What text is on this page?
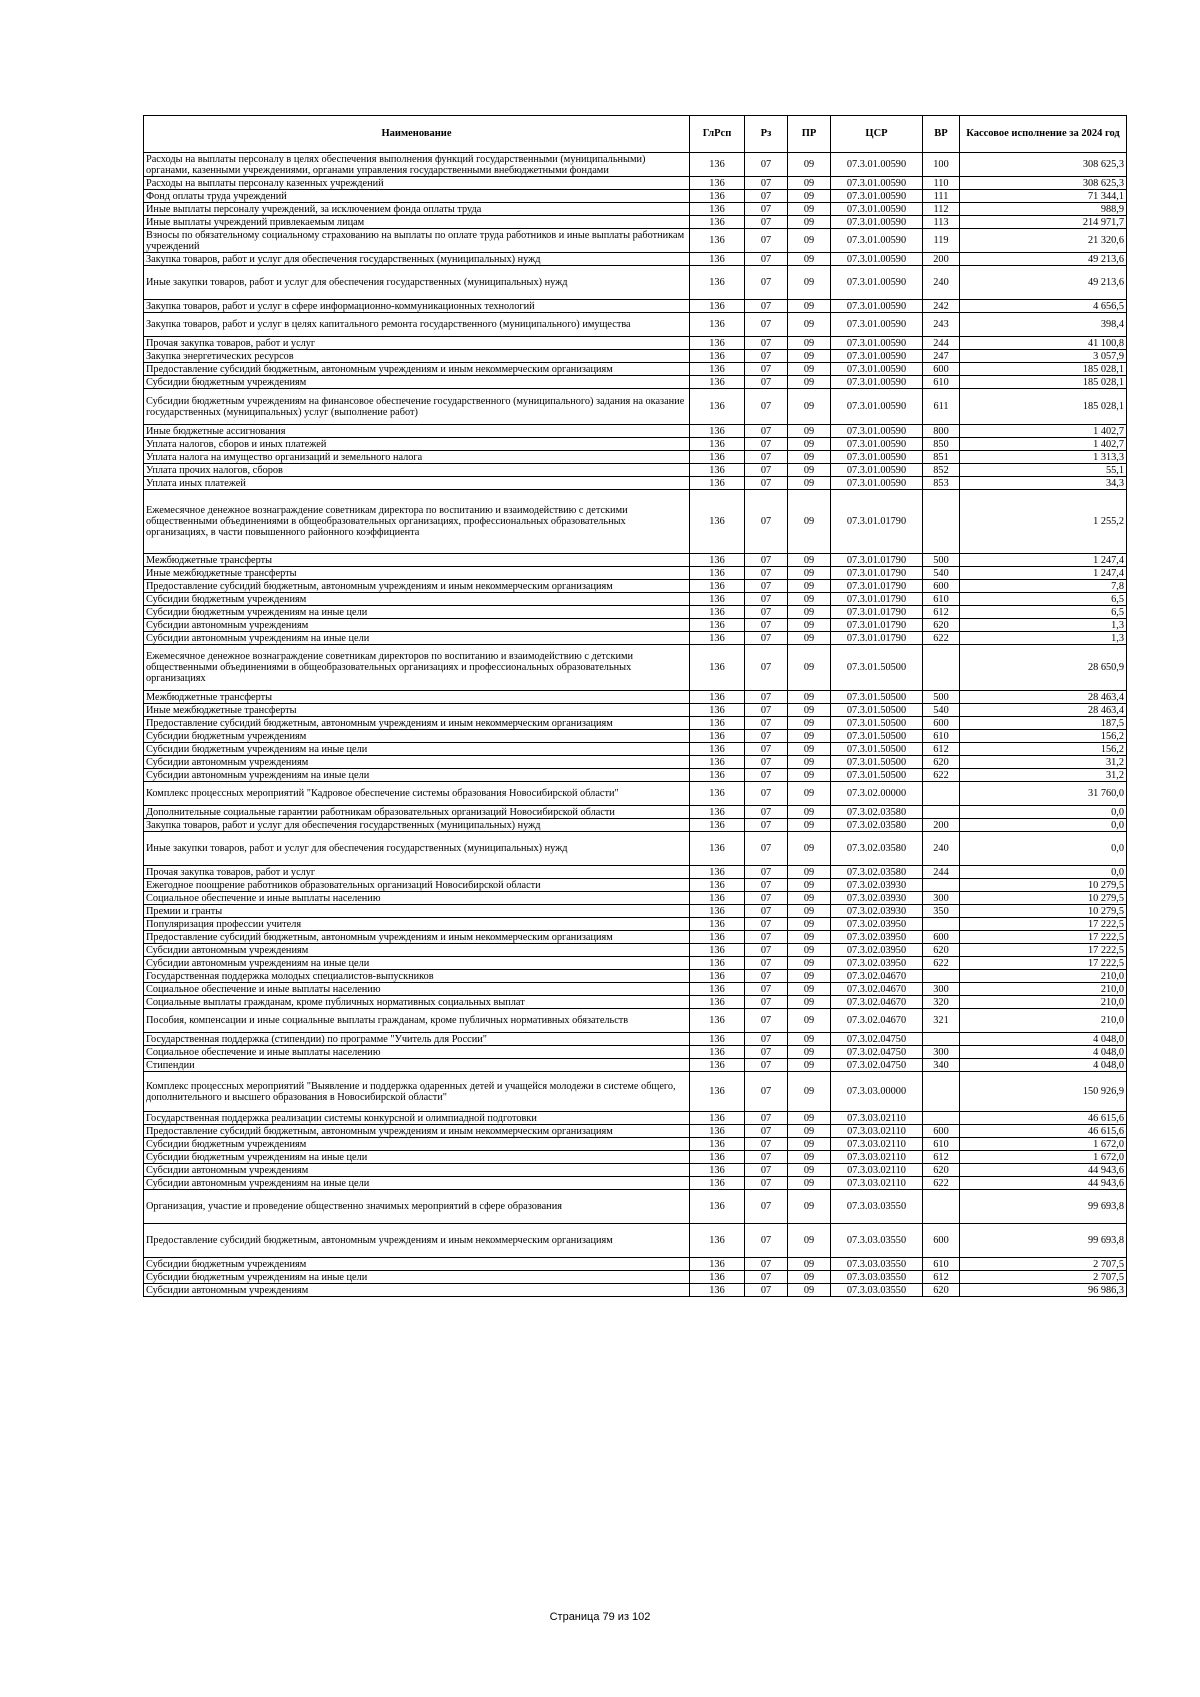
Наименование	ГлРсп	Рз	ПР	ЦСР	ВР	Кассовое исполнение за 2024 год
Расходы на выплаты персоналу в целях обеспечения выполнения функций государственными (муниципальными) органами, казенными учреждениями, органами управления государственными внебюджетными фондами	136	07	09	07.3.01.00590	100	308 625,3
Расходы на выплаты персоналу казенных учреждений	136	07	09	07.3.01.00590	110	308 625,3
Фонд оплаты труда учреждений	136	07	09	07.3.01.00590	111	71 344,1
Иные выплаты персоналу учреждений, за исключением фонда оплаты труда	136	07	09	07.3.01.00590	112	988,9
Иные выплаты учреждений привлекаемым лицам	136	07	09	07.3.01.00590	113	214 971,7
Взносы по обязательному социальному страхованию на выплаты по оплате труда работников и иные выплаты работникам учреждений	136	07	09	07.3.01.00590	119	21 320,6
Закупка товаров, работ и услуг для обеспечения государственных (муниципальных) нужд	136	07	09	07.3.01.00590	200	49 213,6
Иные закупки товаров, работ и услуг для обеспечения государственных (муниципальных) нужд	136	07	09	07.3.01.00590	240	49 213,6
Закупка товаров, работ и услуг в сфере информационно-коммуникационных технологий	136	07	09	07.3.01.00590	242	4 656,5
Закупка товаров, работ и услуг в целях капитального ремонта государственного (муниципального) имущества	136	07	09	07.3.01.00590	243	398,4
Прочая закупка товаров, работ и услуг	136	07	09	07.3.01.00590	244	41 100,8
Закупка энергетических ресурсов	136	07	09	07.3.01.00590	247	3 057,9
Предоставление субсидий бюджетным, автономным учреждениям и иным некоммерческим организациям	136	07	09	07.3.01.00590	600	185 028,1
Субсидии бюджетным учреждениям	136	07	09	07.3.01.00590	610	185 028,1
Субсидии бюджетным учреждениям на финансовое обеспечение государственного (муниципального) задания на оказание государственных (муниципальных) услуг (выполнение работ)	136	07	09	07.3.01.00590	611	185 028,1
Иные бюджетные ассигнования	136	07	09	07.3.01.00590	800	1 402,7
Уплата налогов, сборов и иных платежей	136	07	09	07.3.01.00590	850	1 402,7
Уплата налога на имущество организаций и земельного налога	136	07	09	07.3.01.00590	851	1 313,3
Уплата прочих налогов, сборов	136	07	09	07.3.01.00590	852	55,1
Уплата иных платежей	136	07	09	07.3.01.00590	853	34,3
Ежемесячное денежное вознаграждение советникам директора по воспитанию и взаимодействию с детскими общественными объединениями в общеобразовательных организациях, профессиональных образовательных организациях, в части повышенного районного коэффициента	136	07	09	07.3.01.01790		1 255,2
Межбюджетные трансферты	136	07	09	07.3.01.01790	500	1 247,4
Иные межбюджетные трансферты	136	07	09	07.3.01.01790	540	1 247,4
Предоставление субсидий бюджетным, автономным учреждениям и иным некоммерческим организациям	136	07	09	07.3.01.01790	600	7,8
Субсидии бюджетным учреждениям	136	07	09	07.3.01.01790	610	6,5
Субсидии бюджетным учреждениям на иные цели	136	07	09	07.3.01.01790	612	6,5
Субсидии автономным учреждениям	136	07	09	07.3.01.01790	620	1,3
Субсидии автономным учреждениям на иные цели	136	07	09	07.3.01.01790	622	1,3
Ежемесячное денежное вознаграждение советникам директоров по воспитанию и взаимодействию с детскими общественными объединениями в общеобразовательных организациях и профессиональных образовательных организациях	136	07	09	07.3.01.50500		28 650,9
Межбюджетные трансферты	136	07	09	07.3.01.50500	500	28 463,4
Иные межбюджетные трансферты	136	07	09	07.3.01.50500	540	28 463,4
Предоставление субсидий бюджетным, автономным учреждениям и иным некоммерческим организациям	136	07	09	07.3.01.50500	600	187,5
Субсидии бюджетным учреждениям	136	07	09	07.3.01.50500	610	156,2
Субсидии бюджетным учреждениям на иные цели	136	07	09	07.3.01.50500	612	156,2
Субсидии автономным учреждениям	136	07	09	07.3.01.50500	620	31,2
Субсидии автономным учреждениям на иные цели	136	07	09	07.3.01.50500	622	31,2
Комплекс процессных мероприятий "Кадровое обеспечение системы образования Новосибирской области"	136	07	09	07.3.02.00000		31 760,0
Дополнительные социальные гарантии работникам образовательных организаций Новосибирской области	136	07	09	07.3.02.03580		0,0
Закупка товаров, работ и услуг для обеспечения государственных (муниципальных) нужд	136	07	09	07.3.02.03580	200	0,0
Иные закупки товаров, работ и услуг для обеспечения государственных (муниципальных) нужд	136	07	09	07.3.02.03580	240	0,0
Прочая закупка товаров, работ и услуг	136	07	09	07.3.02.03580	244	0,0
Ежегодное поощрение работников образовательных организаций Новосибирской области	136	07	09	07.3.02.03930		10 279,5
Социальное обеспечение и иные выплаты населению	136	07	09	07.3.02.03930	300	10 279,5
Премии и гранты	136	07	09	07.3.02.03930	350	10 279,5
Популяризация профессии учителя	136	07	09	07.3.02.03950		17 222,5
Предоставление субсидий бюджетным, автономным учреждениям и иным некоммерческим организациям	136	07	09	07.3.02.03950	600	17 222,5
Субсидии автономным учреждениям	136	07	09	07.3.02.03950	620	17 222,5
Субсидии автономным учреждениям на иные цели	136	07	09	07.3.02.03950	622	17 222,5
Государственная поддержка молодых специалистов-выпускников	136	07	09	07.3.02.04670		210,0
Социальное обеспечение и иные выплаты населению	136	07	09	07.3.02.04670	300	210,0
Социальные выплаты гражданам, кроме публичных нормативных социальных выплат	136	07	09	07.3.02.04670	320	210,0
Пособия, компенсации и иные социальные выплаты гражданам, кроме публичных нормативных обязательств	136	07	09	07.3.02.04670	321	210,0
Государственная поддержка (стипендии) по программе "Учитель для России"	136	07	09	07.3.02.04750		4 048,0
Социальное обеспечение и иные выплаты населению	136	07	09	07.3.02.04750	300	4 048,0
Стипендии	136	07	09	07.3.02.04750	340	4 048,0
Комплекс процессных мероприятий "Выявление и поддержка одаренных детей и учащейся молодежи в системе общего, дополнительного и высшего образования в Новосибирской области"	136	07	09	07.3.03.00000		150 926,9
Государственная поддержка реализации системы конкурсной и олимпиадной подготовки	136	07	09	07.3.03.02110		46 615,6
Предоставление субсидий бюджетным, автономным учреждениям и иным некоммерческим организациям	136	07	09	07.3.03.02110	600	46 615,6
Субсидии бюджетным учреждениям	136	07	09	07.3.03.02110	610	1 672,0
Субсидии бюджетным учреждениям на иные цели	136	07	09	07.3.03.02110	612	1 672,0
Субсидии автономным учреждениям	136	07	09	07.3.03.02110	620	44 943,6
Субсидии автономным учреждениям на иные цели	136	07	09	07.3.03.02110	622	44 943,6
Организация, участие и проведение общественно значимых мероприятий в сфере образования	136	07	09	07.3.03.03550		99 693,8
Предоставление субсидий бюджетным, автономным учреждениям и иным некоммерческим организациям	136	07	09	07.3.03.03550	600	99 693,8
Субсидии бюджетным учреждениям	136	07	09	07.3.03.03550	610	2 707,5
Субсидии бюджетным учреждениям на иные цели	136	07	09	07.3.03.03550	612	2 707,5
Субсидии автономным учреждениям	136	07	09	07.3.03.03550	620	96 986,3
Страница 79 из 102
